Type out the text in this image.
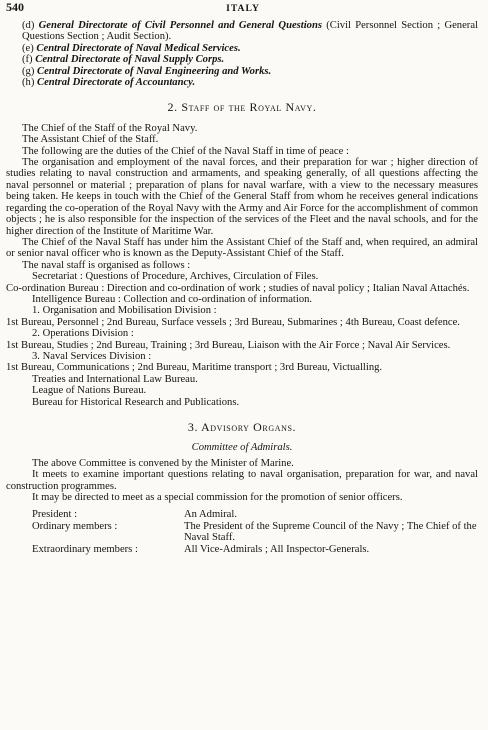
540	ITALY

(d) General Directorate of Civil Personnel and General Questions (Civil Personnel Section ; General Questions Section ; Audit Section).

(e) Central Directorate of Naval Medical Services.

(f) Central Directorate of Naval Supply Corps.

(g) Central Directorate of Naval Engineering and Works.

(h) Central Directorate of Accountancy.

2. Staff of the Royal Navy.

The Chief of the Staff of the Royal Navy.

The Assistant Chief of the Staff.

The following are the duties of the Chief of the Naval Staff in time of peace :

The organisation and employment of the naval forces, and their preparation for war ; higher direction of studies relating to naval construction and armaments, and speaking generally, of all questions affecting the naval personnel or material ; preparation of plans for naval warfare, with a view to the necessary measures being taken. He keeps in touch with the Chief of the General Staff from whom he receives general indications regarding the co-operation of the Royal Navy with the Army and Air Force for the accomplishment of common objects ; he is also responsible for the inspection of the services of the Fleet and the naval schools, and for the higher direction of the Institute of Maritime War.

The Chief of the Naval Staff has under him the Assistant Chief of the Staff and, when required, an admiral or senior naval officer who is known as the Deputy-Assistant Chief of the Staff.

The naval staff is organised as follows :

Secretariat : Questions of Procedure, Archives, Circulation of Files.

Co-ordination Bureau : Direction and co-ordination of work ; studies of naval policy ; Italian Naval Attachés.

Intelligence Bureau : Collection and co-ordination of information.

1. Organisation and Mobilisation Division :

1st Bureau, Personnel ; 2nd Bureau, Surface vessels ; 3rd Bureau, Submarines ; 4th Bureau, Coast defence.

2. Operations Division :

1st Bureau, Studies ; 2nd Bureau, Training ; 3rd Bureau, Liaison with the Air Force ; Naval Air Services.

3. Naval Services Division :

1st Bureau, Communications ; 2nd Bureau, Maritime transport ; 3rd Bureau, Victualling.

Treaties and International Law Bureau.

League of Nations Bureau.

Bureau for Historical Research and Publications.

3. Advisory Organs.
Committee of Admirals.

The above Committee is convened by the Minister of Marine.

It meets to examine important questions relating to naval organisation, preparation for war, and naval construction programmes.

It may be directed to meet as a special commission for the promotion of senior officers.

President :	An Admiral.
Ordinary members :	The President of the Supreme Council of the Navy ; The Chief of the Naval Staff.
Extraordinary members :	All Vice-Admirals ; All Inspector-Generals.
